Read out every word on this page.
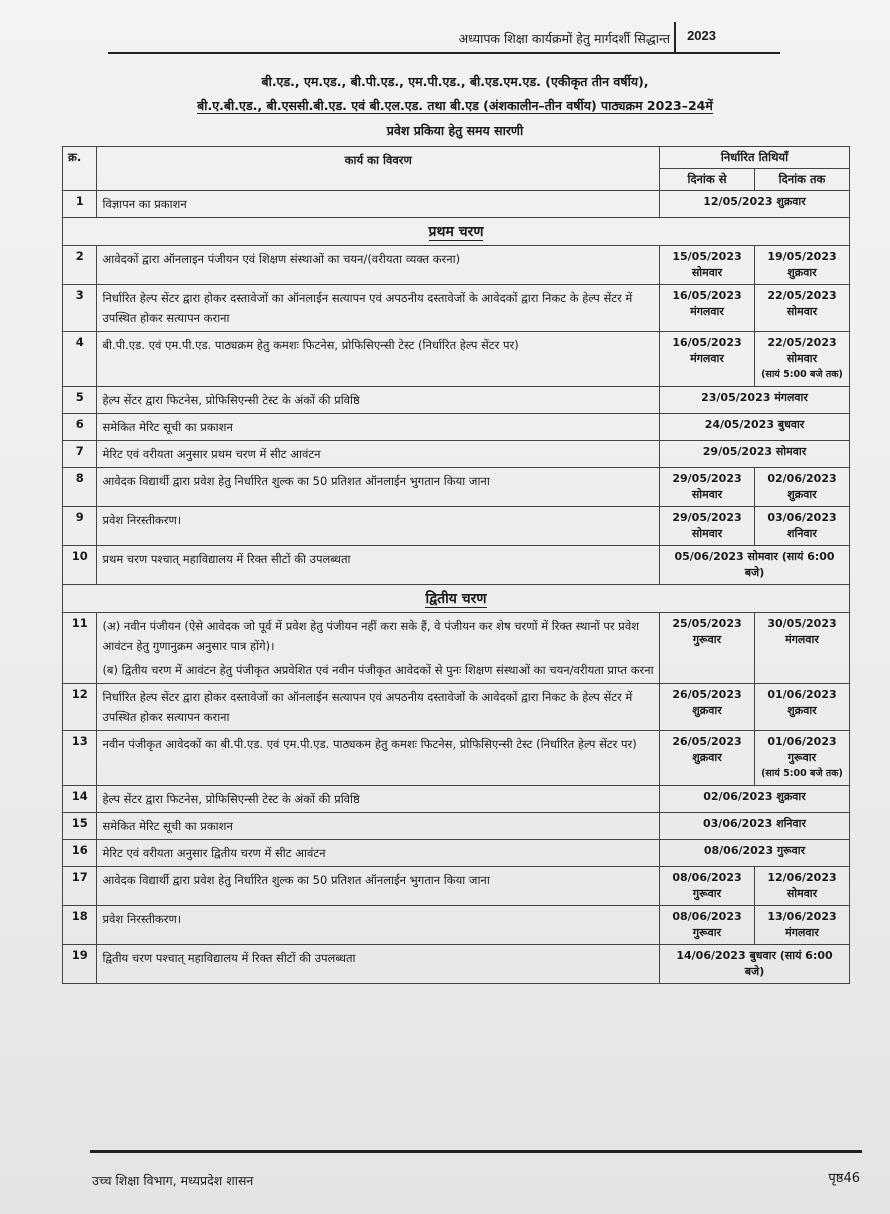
अध्यापक शिक्षा कार्यक्रमों हेतु मार्गदर्शी सिद्धान्त 2023
बी.एड., एम.एड., बी.पी.एड., एम.पी.एड., बी.एड.एम.एड. (एकीकृत तीन वर्षीय),
बी.ए.बी.एड., बी.एससी.बी.एड. एवं बी.एल.एड. तथा बी.एड (अंशकालीन–तीन वर्षीय) पाठ्यक्रम 2023–24में
प्रवेश प्रकिया हेतु समय सारणी
क्र.	कार्य का विवरण	निर्धारित तिथियाँ	
		दिनांक से	दिनांक तक
1	विज्ञापन का प्रकाशन	12/05/2023 शुक्रवार	
प्रथम चरण			
2	आवेदकों द्वारा ऑनलाइन पंजीयन एवं शिक्षण संस्थाओं का चयन/(वरीयता व्यक्त करना)	15/05/2023 सोमवार	19/05/2023 शुक्रवार

3	निर्धारित हेल्प सेंटर द्वारा होकर दस्तावेजों का ऑनलाईन सत्यापन एवं अपठनीय दस्तावेजों के आवेदकों द्वारा निकट के हेल्प सेंटर में उपस्थित होकर सत्यापन कराना	16/05/2023 मंगलवार	22/05/2023 सोमवार

4	बी.पी.एड. एवं एम.पी.एड. पाठ्यक्रम हेतु कमशः फिटनेस, प्रोफिसिएन्सी टेस्ट (निर्धारित हेल्प सेंटर पर)	16/05/2023 मंगलवार	22/05/2023 सोमवार
(सायं 5:00 बजे तक)

5	हेल्प सेंटर द्वारा फिटनेस, प्रोफिसिएन्सी टेस्ट के अंकों की प्रविष्ठि	23/05/2023 मंगलवार	
6	समेकित मेरिट सूची का प्रकाशन	24/05/2023 बुधवार	
7	मेरिट एवं वरीयता अनुसार प्रथम चरण में सीट आवंटन	29/05/2023 सोमवार	
8	आवेदक विद्यार्थी द्वारा प्रवेश हेतु निर्धारित शुल्क का 50 प्रतिशत ऑनलाईन भुगतान किया जाना	29/05/2023 सोमवार	02/06/2023 शुक्रवार

9	प्रवेश निरस्तीकरण।	29/05/2023 सोमवार	03/06/2023 शनिवार

10	प्रथम चरण पश्चात् महाविद्यालय में रिक्त सीटों की उपलब्धता	05/06/2023 सोमवार (सायं 6:00 बजे)	
द्वितीय चरण			
11	(अ) नवीन पंजीयन (ऐसे आवेदक जो पूर्व में प्रवेश हेतु पंजीयन नहीं करा सके हैं, वे पंजीयन कर शेष चरणों में रिक्त स्थानों पर प्रवेश आवंटन हेतु गुणानुक्रम अनुसार पात्र होंगे)।
(ब) द्वितीय चरण में आवंटन हेतु पंजीकृत अप्रवेशित एवं नवीन पंजीकृत आवेदकों से पुनः शिक्षण संस्थाओं का चयन/वरीयता प्राप्त करना	25/05/2023 गुरूवार	30/05/2023 मंगलवार

12	निर्धारित हेल्प सेंटर द्वारा होकर दस्तावेजों का ऑनलाईन सत्यापन एवं अपठनीय दस्तावेजों के आवेदकों द्वारा निकट के हेल्प सेंटर में उपस्थित होकर सत्यापन कराना	26/05/2023 शुक्रवार	01/06/2023 शुक्रवार

13	नवीन पंजीकृत आवेदकों का बी.पी.एड. एवं एम.पी.एड. पाठ्यकम हेतु कमशः फिटनेस, प्रोफिसिएन्सी टेस्ट (निर्धारित हेल्प सेंटर पर)	26/05/2023 शुक्रवार	01/06/2023 गुरूवार
(सायं 5:00 बजे तक)

14	हेल्प सेंटर द्वारा फिटनेस, प्रोफिसिएन्सी टेस्ट के अंकों की प्रविष्ठि	02/06/2023 शुक्रवार	
15	समेकित मेरिट सूची का प्रकाशन	03/06/2023 शनिवार	
16	मेरिट एवं वरीयता अनुसार द्वितीय चरण में सीट आवंटन	08/06/2023 गुरूवार	
17	आवेदक विद्यार्थी द्वारा प्रवेश हेतु निर्धारित शुल्क का 50 प्रतिशत ऑनलाईन भुगतान किया जाना	08/06/2023 गुरूवार	12/06/2023 सोमवार

18	प्रवेश निरस्तीकरण।	08/06/2023 गुरूवार	13/06/2023 मंगलवार

19	द्वितीय चरण पश्चात् महाविद्यालय में रिक्त सीटों की उपलब्धता	14/06/2023 बुधवार (सायं 6:00 बजे)	
उच्च शिक्षा विभाग, मध्यप्रदेश शासन	पृष्ठ46
